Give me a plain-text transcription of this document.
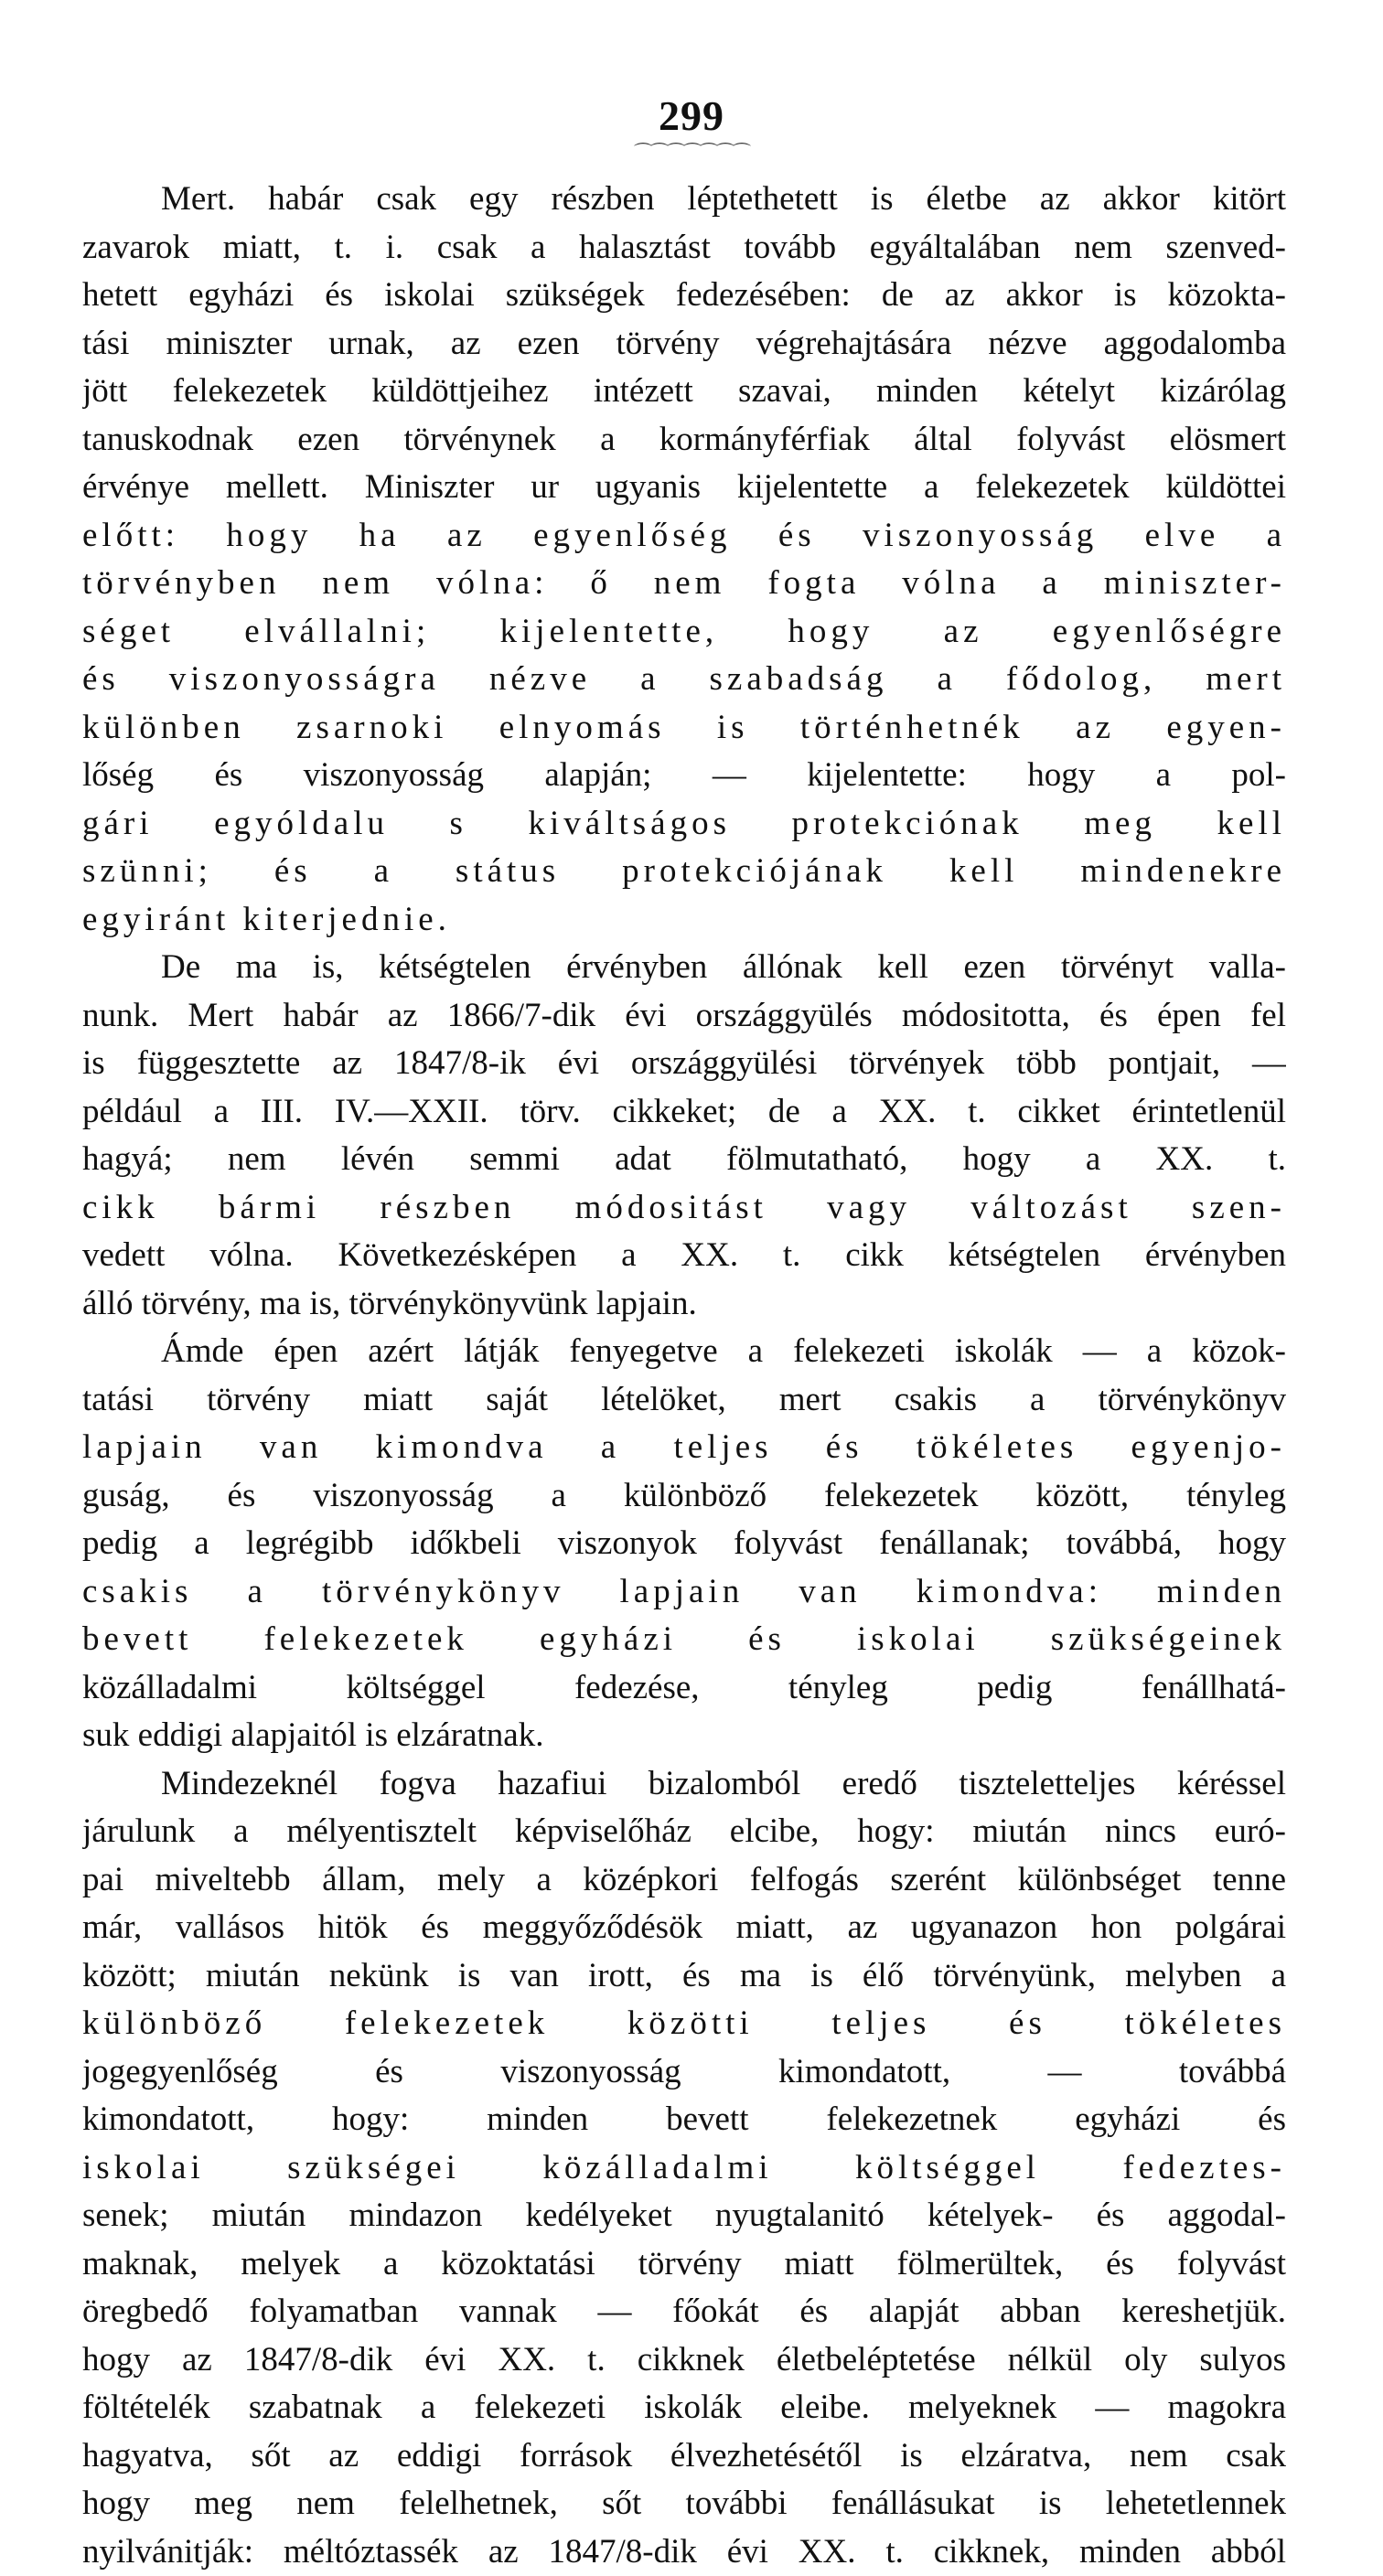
299
⌒⌒⌒⌒⌒⌒⌒
Mert. habár csak egy részben léptethetett is életbe az akkor kitört
zavarok miatt, t. i. csak a halasztást tovább egyáltalában nem szenved-
hetett egyházi és iskolai szükségek fedezésében: de az akkor is közokta-
tási miniszter urnak, az ezen törvény végrehajtására nézve aggodalomba
jött felekezetek küldöttjeihez intézett szavai, minden kételyt kizárólag
tanuskodnak ezen törvénynek a kormányférfiak által folyvást elösmert
érvénye mellett. Miniszter ur ugyanis kijelentette a felekezetek küldöttei
előtt: hogy ha az egyenlőség és viszonyosság elve a
törvényben nem vólna: ő nem fogta vólna a miniszter-
séget elvállalni; kijelentette, hogy az egyenlőségre
és viszonyosságra nézve a szabadság a fődolog, mert
különben zsarnoki elnyomás is történhetnék az egyen-
lőség és viszonyosság alapján; — kijelentette: hogy a pol-
gári egyóldalu s kiváltságos protekciónak meg kell
szünni; és a státus protekciójának kell mindenekre
egyiránt kiterjednie.
De ma is, kétségtelen érvényben állónak kell ezen törvényt valla-
nunk. Mert habár az 1866/7-dik évi országgyülés módositotta, és épen fel
is függesztette az 1847/8-ik évi országgyülési törvények több pontjait, —
például a III. IV.—XXII. törv. cikkeket; de a XX. t. cikket érintetlenül
hagyá; nem lévén semmi adat fölmutatható, hogy a XX. t.
cikk bármi részben módositást vagy változást szen-
vedett vólna. Következésképen a XX. t. cikk kétségtelen érvényben
álló törvény, ma is, törvénykönyvünk lapjain.
Ámde épen azért látják fenyegetve a felekezeti iskolák — a közok-
tatási törvény miatt saját lételöket, mert csakis a törvénykönyv
lapjain van kimondva a teljes és tökéletes egyenjo-
guság, és viszonyosság a különböző felekezetek között, tényleg
pedig a legrégibb időkbeli viszonyok folyvást fenállanak; továbbá, hogy
csakis a törvénykönyv lapjain van kimondva: minden
bevett felekezetek egyházi és iskolai szükségeinek
közálladalmi költséggel fedezése, tényleg pedig fenállhatá-
suk eddigi alapjaitól is elzáratnak.
Mindezeknél fogva hazafiui bizalomból eredő tiszteletteljes kéréssel
járulunk a mélyentisztelt képviselőház elcibe, hogy: miután nincs euró-
pai miveltebb állam, mely a középkori felfogás szerént különbséget tenne
már, vallásos hitök és meggyőződésök miatt, az ugyanazon hon polgárai
között; miután nekünk is van irott, és ma is élő törvényünk, melyben a
különböző felekezetek közötti teljes és tökéletes
jogegyenlőség és viszonyosság kimondatott, — továbbá
kimondatott, hogy: minden bevett felekezetnek egyházi és
iskolai szükségei közálladalmi költséggel fedeztes-
senek; miután mindazon kedélyeket nyugtalanitó kételyek- és aggodal-
maknak, melyek a közoktatási törvény miatt fölmerültek, és folyvást
öregbedő folyamatban vannak — főokát és alapját abban kereshetjük.
hogy az 1847/8-dik évi XX. t. cikknek életbeléptetése nélkül oly sulyos
föltételék szabatnak a felekezeti iskolák eleibe. melyeknek — magokra
hagyatva, sőt az eddigi források élvezhetésétől is elzáratva, nem csak
hogy meg nem felelhetnek, sőt további fenállásukat is lehetetlennek
nyilvánitják: méltóztassék az 1847/8-dik évi XX. t. cikknek, minden abból
